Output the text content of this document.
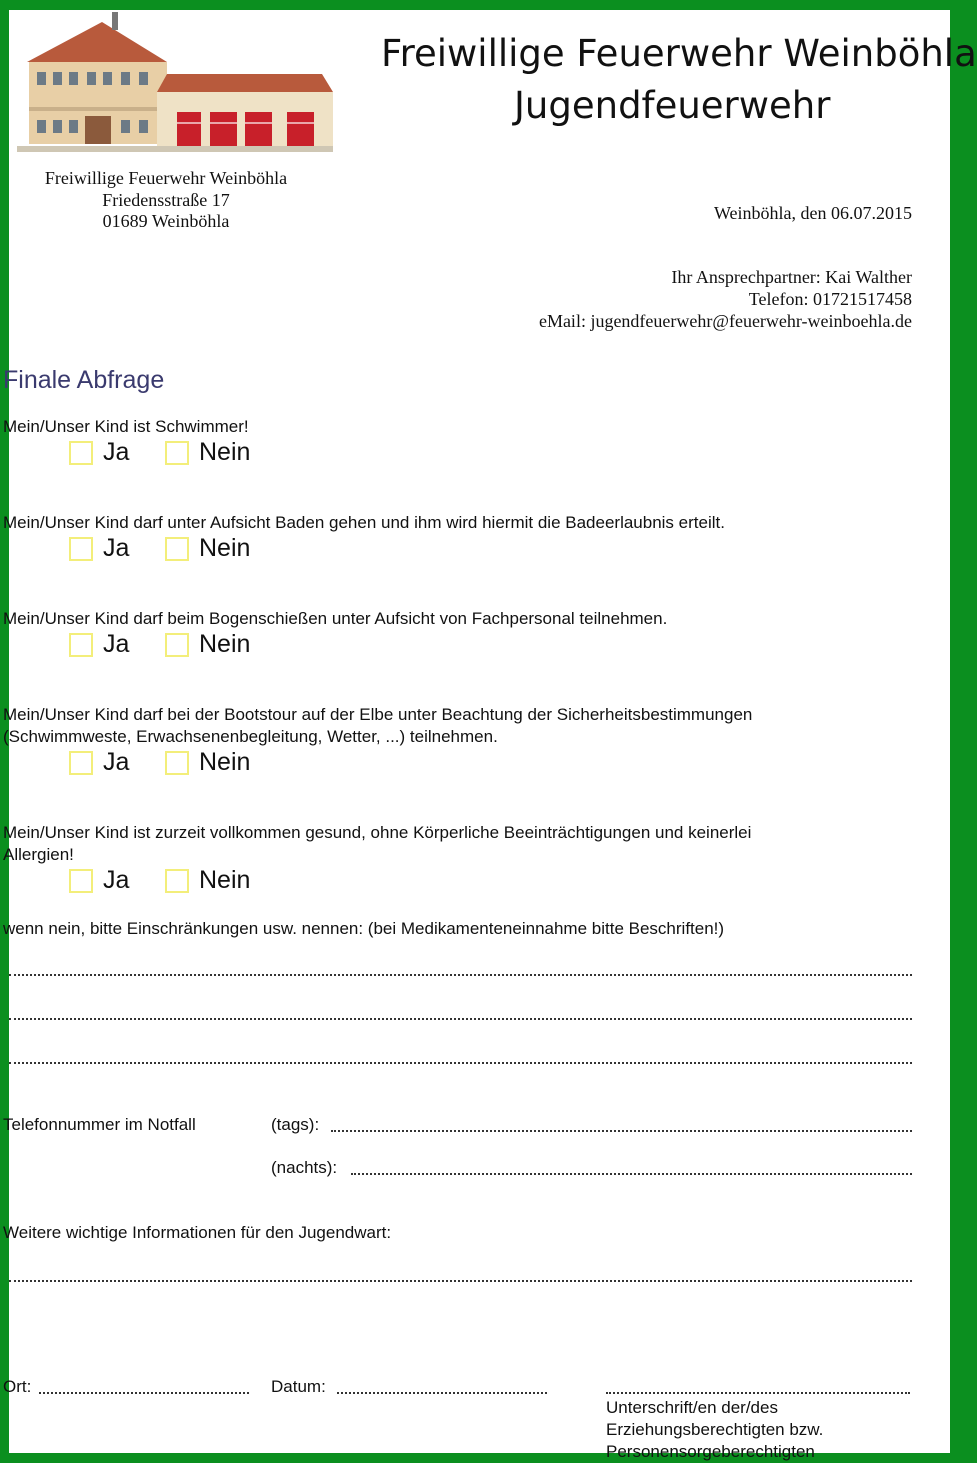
Freiwillige Feuerwehr Weinböhla
Jugendfeuerwehr
Freiwillige Feuerwehr Weinböhla
Friedensstraße 17
01689 Weinböhla	Weinböhla, den 06.07.2015
Ihr Ansprechpartner: Kai Walther
Telefon: 01721517458
eMail: jugendfeuerwehr@feuerwehr-weinboehla.de
Finale Abfrage
Mein/Unser Kind ist Schwimmer!
Ja	Nein
Mein/Unser Kind darf unter Aufsicht Baden gehen und ihm wird hiermit die Badeerlaubnis erteilt.
Ja	Nein
Mein/Unser Kind darf beim Bogenschießen unter Aufsicht von Fachpersonal teilnehmen.
Ja	Nein
Mein/Unser Kind darf bei der Bootstour auf der Elbe unter Beachtung der Sicherheitsbestimmungen
(Schwimmweste, Erwachsenenbegleitung, Wetter, ...) teilnehmen.
Ja	Nein
Mein/Unser Kind ist zurzeit vollkommen gesund, ohne Körperliche Beeinträchtigungen und keinerlei
Allergien!
Ja	Nein
wenn nein, bitte Einschränkungen usw. nennen: (bei Medikamenteneinnahme bitte Beschriften!)
Telefonnummer im Notfall	(tags):
(nachts):
Weitere wichtige Informationen für den Jugendwart:
Ort:	Datum:
Unterschrift/en der/des
Erziehungsberechtigten bzw.
Personensorgeberechtigten
